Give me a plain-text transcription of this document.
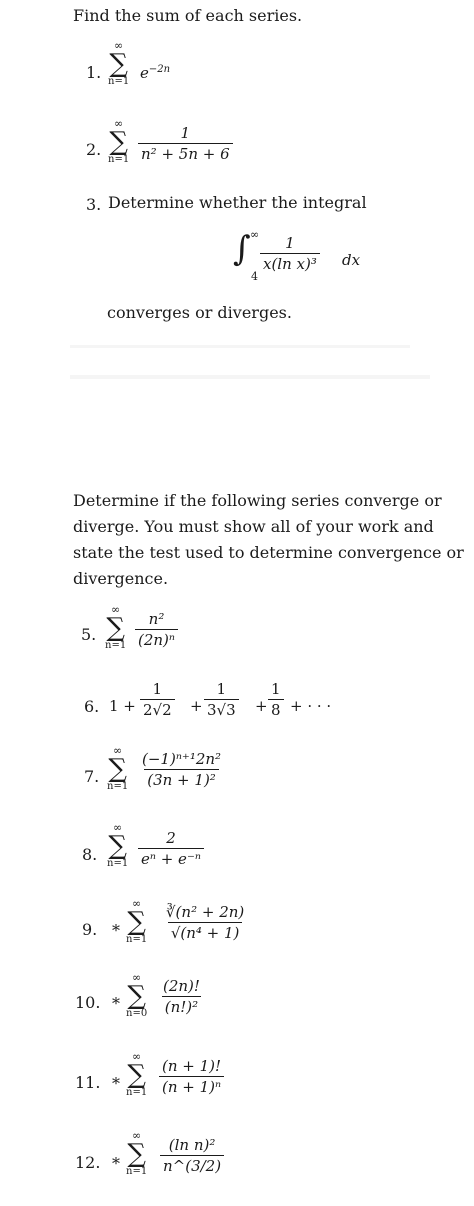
Find the sum of each series.
1.
∞
∑
n=1 $e^{-2n}$
2.
∞
∑
$n=1 \frac{1}{\text{n² + 5n + 6}}$
3. Determine whether the integral
∫ ∞
4
$\frac{1}{\text{x(ln x)³}}$ dx
converges or diverges.
Determine if the following series converge or diverge. You must show all of your work and state the test used to determine convergence or divergence.
5.
∞
∑
$n=1 \frac{\text{n²}}{\text{(2n)ⁿ}}$
6. $1 + \frac{1}{2√2} + \frac{1}{3√3} + \frac{1}{8}$ + · · ·
7.
∞
∑
$n=1 \frac{\text{(−1)ⁿ⁺¹2n²}}{\text{(3n + 1)²}}$
8.
∞
∑
$n=1 \frac{2}{\text{eⁿ + e⁻ⁿ}}$
9. *
∞
∑
$n=1 \frac{\text{∛(n² + 2n)}}{\text{√(n⁴ + 1)}}$
10. *
∞
∑
$n=0 \frac{(2n)!}{\text{(n!)²}}$
11. *
∞
∑
$n=1 \frac{(n + 1)!}{\text{(n + 1)ⁿ}}$
12. *
∞
∑
$n=1 \frac{\text{(ln n)²}}{n\^{}(3/2)}$
